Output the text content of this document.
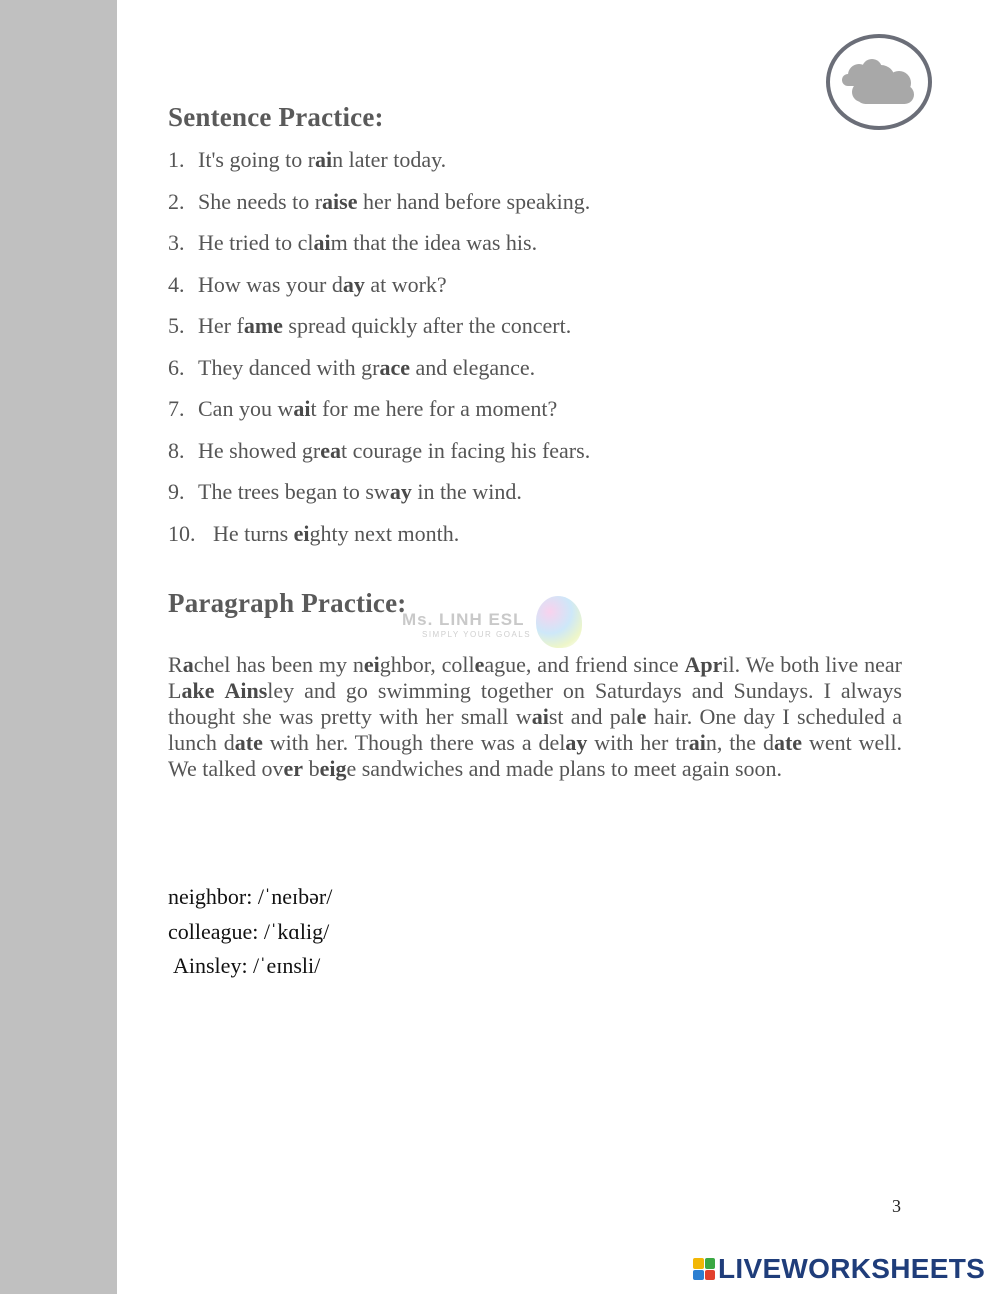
Sentence Practice:
1. It's going to rain later today.
2. She needs to raise her hand before speaking.
3. He tried to claim that the idea was his.
4. How was your day at work?
5. Her fame spread quickly after the concert.
6. They danced with grace and elegance.
7. Can you wait for me here for a moment?
8. He showed great courage in facing his fears.
9. The trees began to sway in the wind.
10. He turns eighty next month.
Paragraph Practice:
Ms. LINH ESL
SIMPLY YOUR GOALS

Rachel has been my neighbor, colleague, and friend since April. We both live near Lake Ainsley and go swimming together on Saturdays and Sundays. I always thought she was pretty with her small waist and pale hair. One day I scheduled a lunch date with her. Though there was a delay with her train, the date went well. We talked over beige sandwiches and made plans to meet again soon.

neighbor: /ˈneɪbər/
colleague: /ˈkɑlig/
Ainsley: /ˈeɪnsli/
3
LIVEWORKSHEETS
